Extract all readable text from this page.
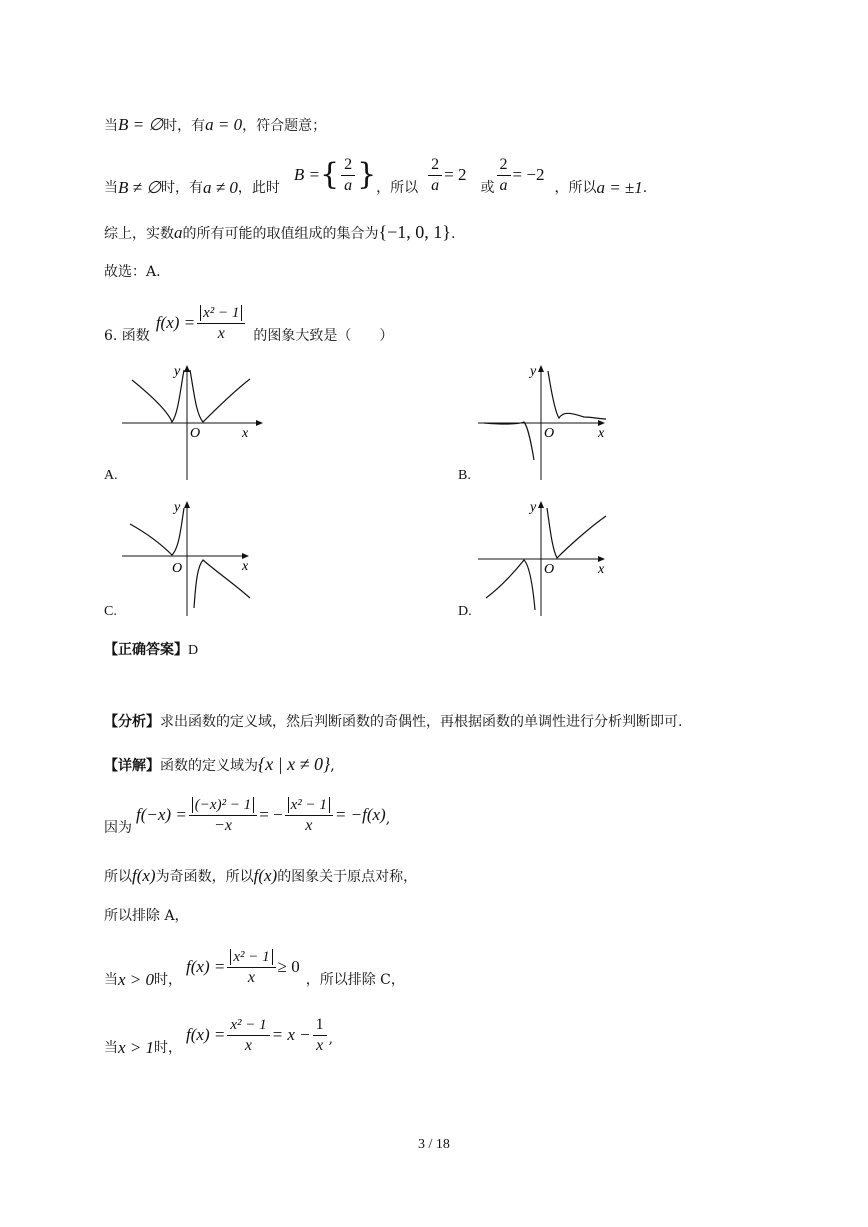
当B = ∅时，有a = 0，符合题意；
当 B ≠ ∅ 时，有 a ≠ 0 ，此时
B = { $\frac{2}{a}$ } ，所以 $\frac{2}{a} = 2$
或 $\frac{2}{a} = -2$
，所以 a = ±1 .
综上，实数a的所有可能的取值组成的集合为{−1, 0, 1}.
故选：A.
6. 函数
$f(x) = \frac{\text{x² − 1}}{x}$ 的图象大致是（　　）
y
x
O
A.
y
x
O
B.
y
x
O
C.
y
x
O
D.
【正确答案】D
【分析】求出函数的定义域，然后判断函数的奇偶性，再根据函数的单调性进行分析判断即可.
【详解】函数的定义域为{x | x ≠ 0},
因为
$f(-x) = \frac{\text{(−x)² − 1}}{-x}$ = − $\frac{\text{x² − 1}}{x} = -f(x)$ ,
所以f(x)为奇函数，所以f(x)的图象关于原点对称，
所以排除 A，
当 x > 0 时，
$f(x) = \frac{\text{x² − 1}}{x} \ge 0$
，所以排除 C，
当 x > 1 时，
$f(x) = \frac{\text{x² − 1}}{x} = x - \frac{1}{x}$ ,
3 / 18
